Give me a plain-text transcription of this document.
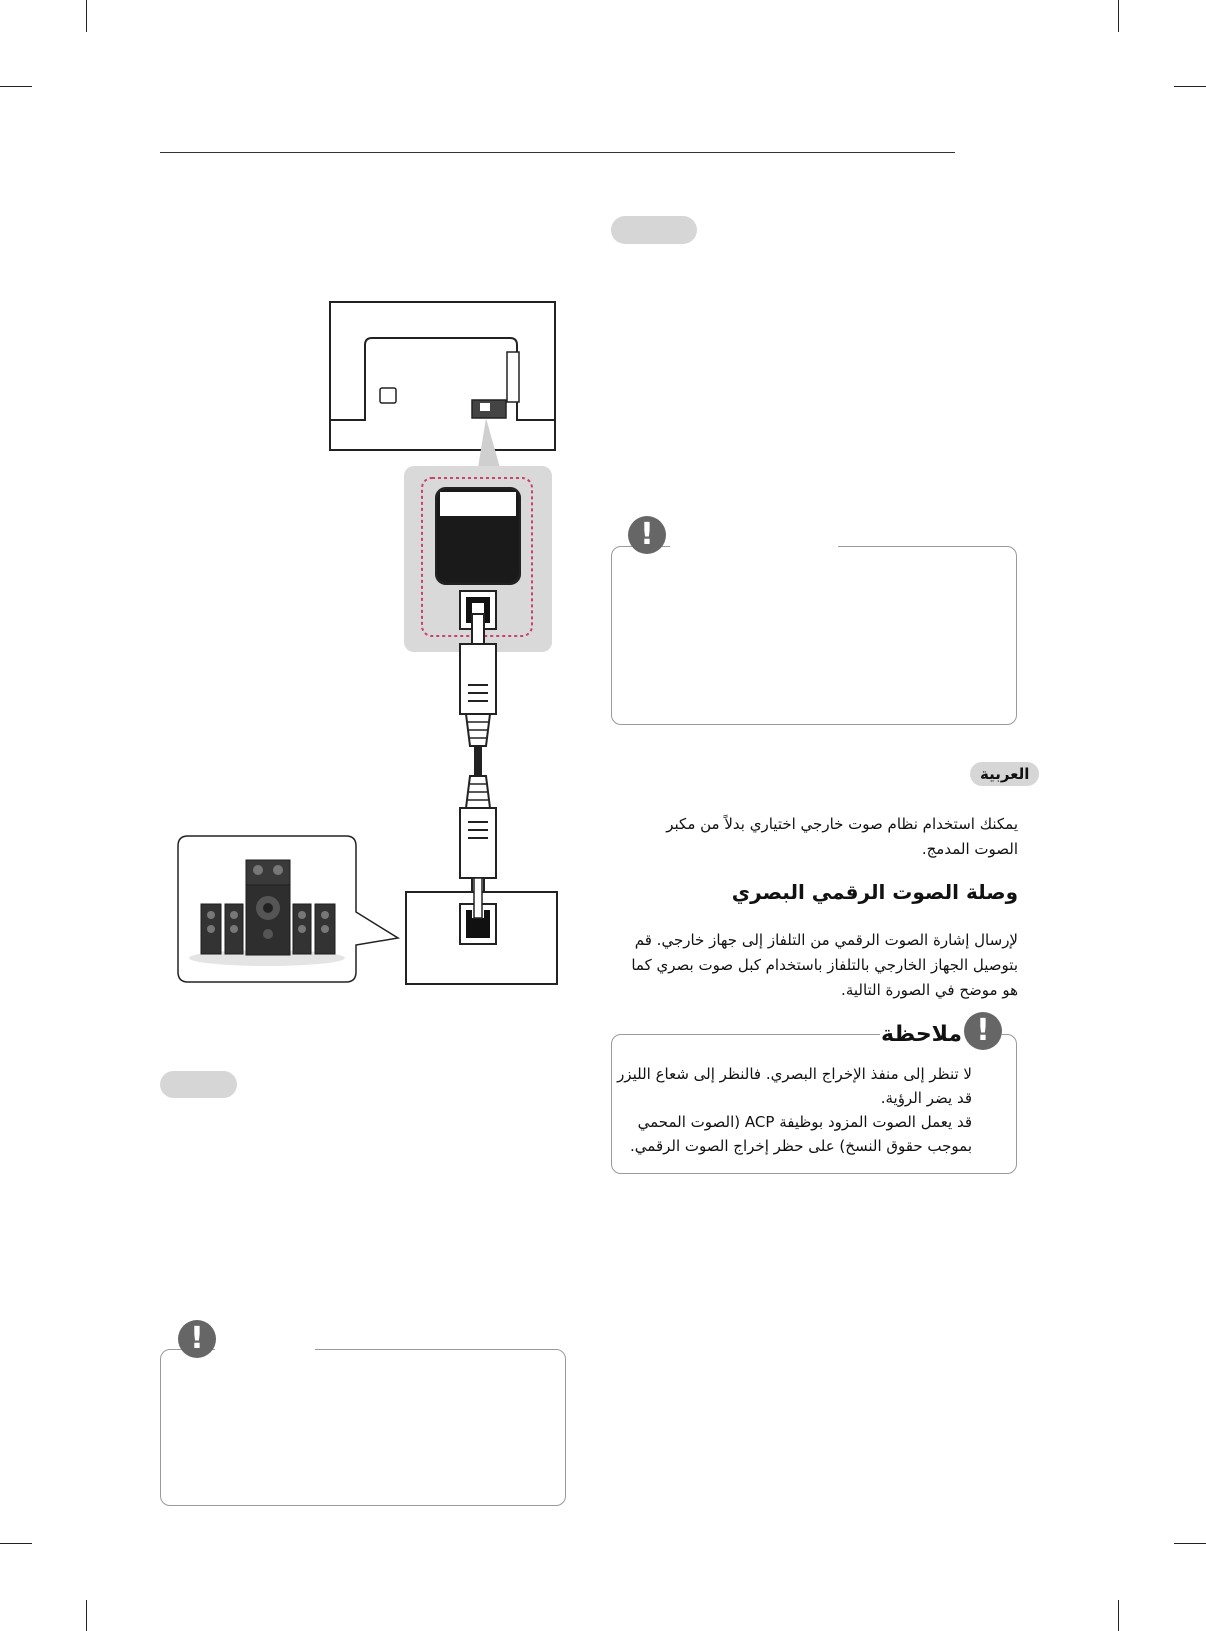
!
العربية
يمكنك استخدام نظام صوت خارجي اختياري بدلاً من مكبر الصوت المدمج.
وصلة الصوت الرقمي البصري
لإرسال إشارة الصوت الرقمي من التلفاز إلى جهاز خارجي. قم بتوصيل الجهاز الخارجي بالتلفاز باستخدام كبل صوت بصري كما هو موضح في الصورة التالية.
!
ملاحظة
لا تنظر إلى منفذ الإخراج البصري. فالنظر إلى شعاع الليزر قد يضر الرؤية.
قد يعمل الصوت المزود بوظيفة ACP (الصوت المحمي بموجب حقوق النسخ) على حظر إخراج الصوت الرقمي.
!
